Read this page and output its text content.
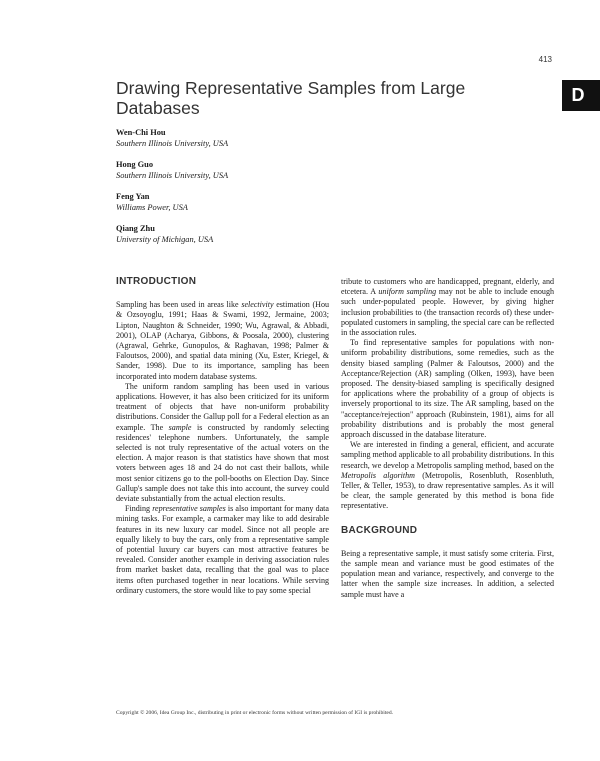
413
D
Drawing Representative Samples from Large Databases
Wen-Chi Hou
Southern Illinois University, USA
Hong Guo
Southern Illinois University, USA
Feng Yan
Williams Power, USA
Qiang Zhu
University of Michigan, USA
INTRODUCTION

Sampling has been used in areas like selectivity estimation (Hou & Ozsoyoglu, 1991; Haas & Swami, 1992, Jermaine, 2003; Lipton, Naughton & Schneider, 1990; Wu, Agrawal, & Abbadi, 2001), OLAP (Acharya, Gibbons, & Poosala, 2000), clustering (Agrawal, Gehrke, Gunopulos, & Raghavan, 1998; Palmer & Faloutsos, 2000), and spatial data mining (Xu, Ester, Kriegel, & Sander, 1998). Due to its importance, sampling has been incorporated into modern database systems.

The uniform random sampling has been used in various applications. However, it has also been criticized for its uniform treatment of objects that have non-uniform probability distributions. Consider the Gallup poll for a Federal election as an example. The sample is constructed by randomly selecting residences' telephone numbers. Unfortunately, the sample selected is not truly representative of the actual voters on the election. A major reason is that statistics have shown that most voters between ages 18 and 24 do not cast their ballots, while most senior citizens go to the poll-booths on Election Day. Since Gallup's sample does not take this into account, the survey could deviate substantially from the actual election results.

Finding representative samples is also important for many data mining tasks. For example, a carmaker may like to add desirable features in its new luxury car model. Since not all people are equally likely to buy the cars, only from a representative sample of potential luxury car buyers can most attractive features be revealed. Consider another example in deriving association rules from market basket data, recalling that the goal was to place items often purchased together in near locations. While serving ordinary customers, the store would like to pay some special

tribute to customers who are handicapped, pregnant, elderly, and etcetera. A uniform sampling may not be able to include enough such under-populated people. However, by giving higher inclusion probabilities to (the transaction records of) these under-populated customers in sampling, the special care can be reflected in the association rules.

To find representative samples for populations with non-uniform probability distributions, some remedies, such as the density biased sampling (Palmer & Faloutsos, 2000) and the Acceptance/Rejection (AR) sampling (Olken, 1993), have been proposed. The density-biased sampling is specifically designed for applications where the probability of a group of objects is inversely proportional to its size. The AR sampling, based on the "acceptance/rejection" approach (Rubinstein, 1981), aims for all probability distributions and is probably the most general approach discussed in the database literature.

We are interested in finding a general, efficient, and accurate sampling method applicable to all probability distributions. In this research, we develop a Metropolis sampling method, based on the Metropolis algorithm (Metropolis, Rosenbluth, Rosenbluth, Teller, & Teller, 1953), to draw representative samples. As it will be clear, the sample generated by this method is bona fide representative.

BACKGROUND

Being a representative sample, it must satisfy some criteria. First, the sample mean and variance must be good estimates of the population mean and variance, respectively, and converge to the latter when the sample size increases. In addition, a selected sample must have a

Copyright © 2006, Idea Group Inc., distributing in print or electronic forms without written permission of IGI is prohibited.
